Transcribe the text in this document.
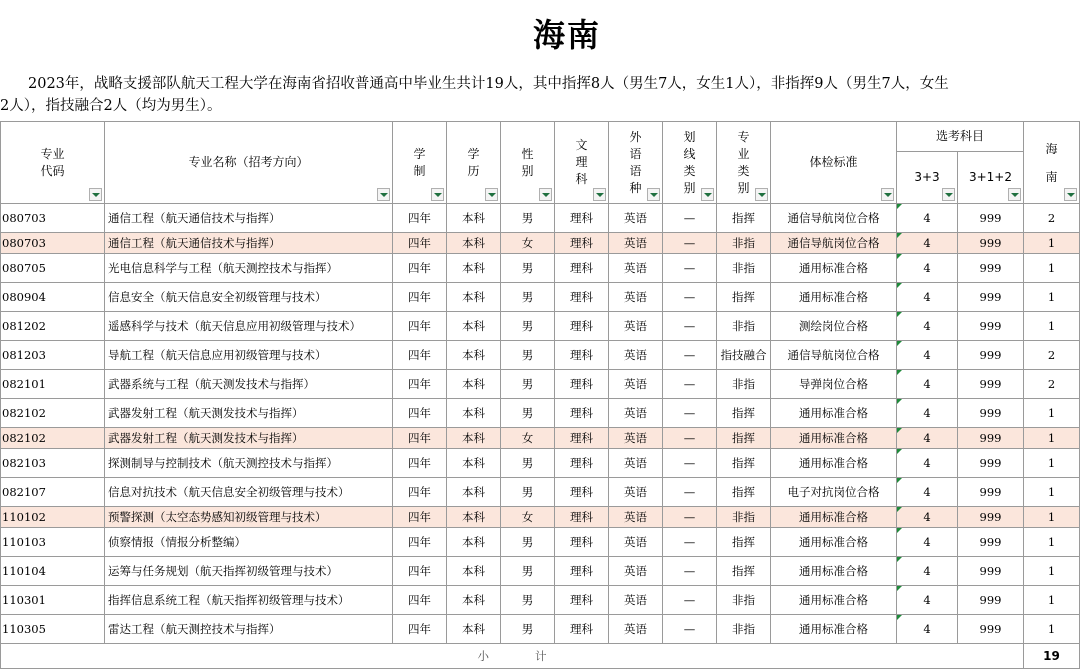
海南
2023年，战略支援部队航天工程大学在海南省招收普通高中毕业生共计19人，其中指挥8人（男生7人，女生1人），非指挥9人（男生7人，女生
2人），指技融合2人（均为男生）。
专业代码	专业名称（招考方向）	学制	学历	性别	文理科	外语语种	划线类别	专业类别	体检标准	选考科目		海南

										3+3	3+1+2	

080703	通信工程（航天通信技术与指挥）	四年	本科	男	理科	英语	—	指挥	通信导航岗位合格	4	999	2
080703	通信工程（航天通信技术与指挥）	四年	本科	女	理科	英语	—	非指	通信导航岗位合格	4	999	1
080705	光电信息科学与工程（航天测控技术与指挥）	四年	本科	男	理科	英语	—	非指	通用标准合格	4	999	1
080904	信息安全（航天信息安全初级管理与技术）	四年	本科	男	理科	英语	—	指挥	通用标准合格	4	999	1
081202	遥感科学与技术（航天信息应用初级管理与技术）	四年	本科	男	理科	英语	—	非指	测绘岗位合格	4	999	1
081203	导航工程（航天信息应用初级管理与技术）	四年	本科	男	理科	英语	—	指技融合	通信导航岗位合格	4	999	2
082101	武器系统与工程（航天测发技术与指挥）	四年	本科	男	理科	英语	—	非指	导弹岗位合格	4	999	2
082102	武器发射工程（航天测发技术与指挥）	四年	本科	男	理科	英语	—	指挥	通用标准合格	4	999	1
082102	武器发射工程（航天测发技术与指挥）	四年	本科	女	理科	英语	—	指挥	通用标准合格	4	999	1
082103	探测制导与控制技术（航天测控技术与指挥）	四年	本科	男	理科	英语	—	指挥	通用标准合格	4	999	1
082107	信息对抗技术（航天信息安全初级管理与技术）	四年	本科	男	理科	英语	—	指挥	电子对抗岗位合格	4	999	1
110102	预警探测（太空态势感知初级管理与技术）	四年	本科	女	理科	英语	—	非指	通用标准合格	4	999	1
110103	侦察情报（情报分析整编）	四年	本科	男	理科	英语	—	指挥	通用标准合格	4	999	1
110104	运筹与任务规划（航天指挥初级管理与技术）	四年	本科	男	理科	英语	—	指挥	通用标准合格	4	999	1
110301	指挥信息系统工程（航天指挥初级管理与技术）	四年	本科	男	理科	英语	—	非指	通用标准合格	4	999	1
110305	雷达工程（航天测控技术与指挥）	四年	本科	男	理科	英语	—	非指	通用标准合格	4	999	1
小　　　　计												19
